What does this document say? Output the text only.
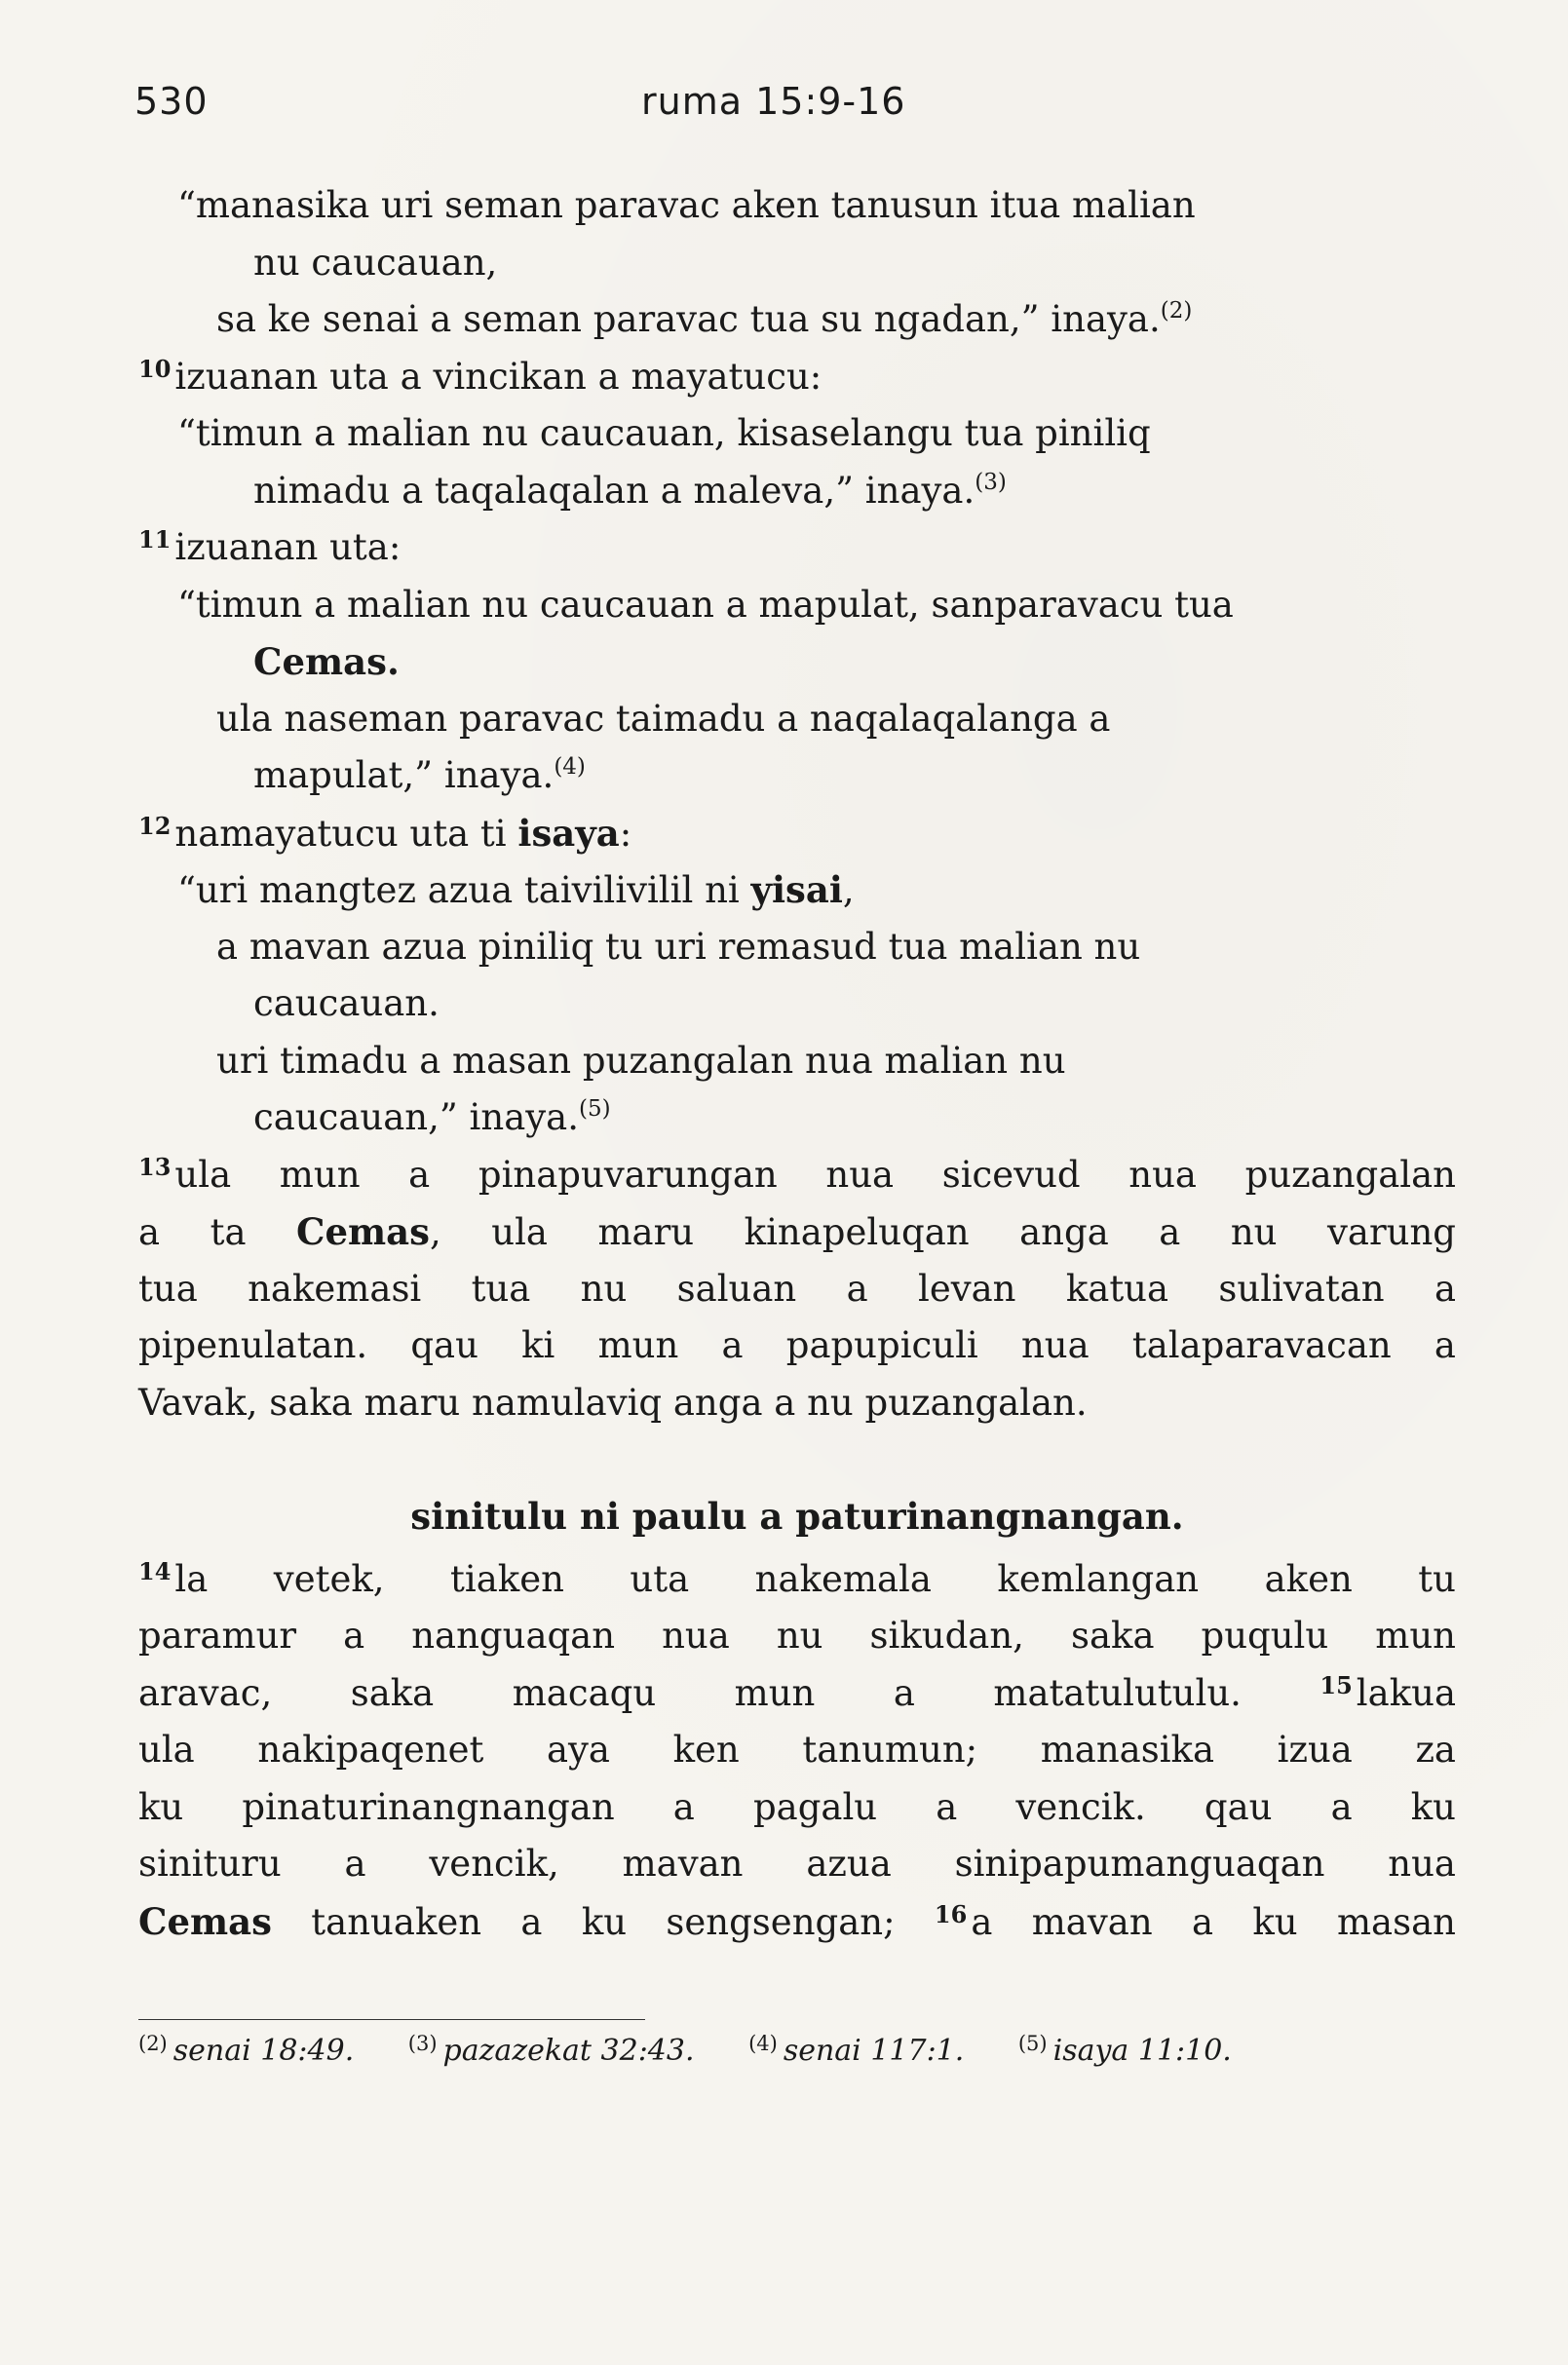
530	ruma 15:9-16
“manasika uri seman paravac aken tanusun itua malian
nu caucauan,
sa ke senai a seman paravac tua su ngadan,” inaya.$^{(2)}$
$^{10}$ izuanan uta a vincikan a mayatucu:
“timun a malian nu caucauan, kisaselangu tua piniliq
nimadu a taqalaqalan a maleva,” inaya.$^{(3)}$
$^{11}$ izuanan uta:
“timun a malian nu caucauan a mapulat, sanparavacu tua
Cemas.
ula naseman paravac taimadu a naqalaqalanga a
mapulat,” inaya.$^{(4)}$
$^{12}$ namayatucu uta ti isaya:
“uri mangtez azua taivilivilil ni yisai,
a mavan azua piniliq tu uri remasud tua malian nu
caucauan.
uri timadu a masan puzangalan nua malian nu
caucauan,” inaya.$^{(5)}$
$^{13}$ ula mun a pinapuvarungan nua sicevud nua puzangalan
a ta Cemas, ula maru kinapeluqan anga a nu varung
tua nakemasi tua nu saluan a levan katua sulivatan a
pipenulatan. qau ki mun a papupiculi nua talaparavacan a
Vavak, saka maru namulaviq anga a nu puzangalan.
sinitulu ni paulu a paturinangnangan.
$^{14}$ la vetek, tiaken uta nakemala kemlangan aken tu
paramur a nanguaqan nua nu sikudan, saka puqulu mun
aravac, saka macaqu mun a matatulutulu. $^{15}$ lakua
ula nakipaqenet aya ken tanumun; manasika izua za
ku pinaturinangnangan a pagalu a vencik. qau a ku
sinituru a vencik, mavan azua sinipapumanguaqan nua
Cemas tanuaken a ku sengsengan; $^{16}$ a mavan a ku masan
$^{(2)}$ senai 18:49.	$^{(3)}$ pazazekat 32:43.	$^{(4)}$ senai 117:1.	$^{(5)}$ isaya 11:10.
